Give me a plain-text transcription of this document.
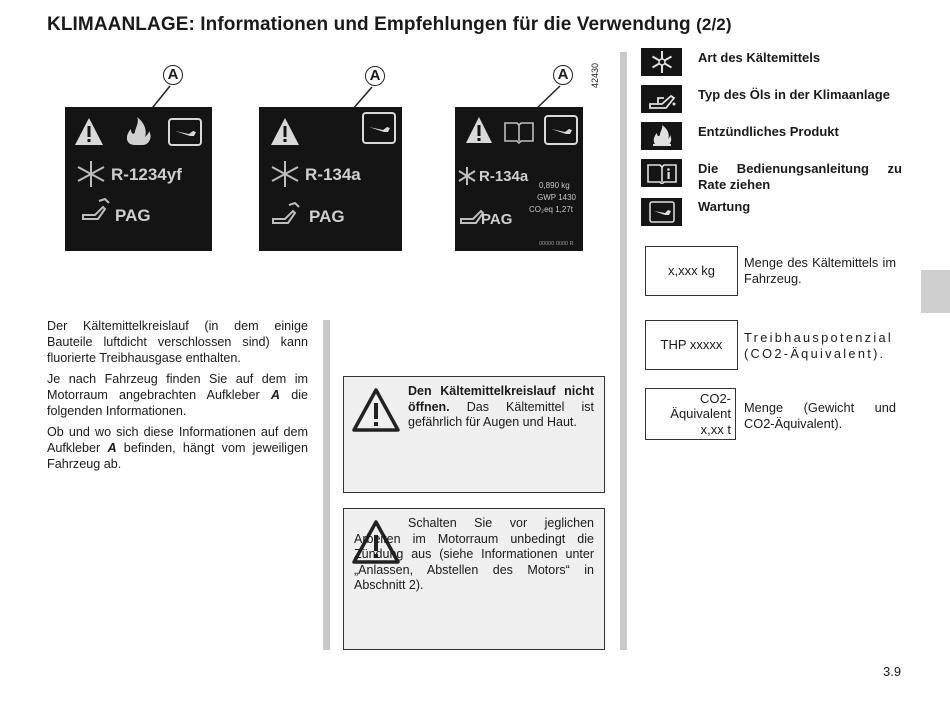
KLIMAANLAGE: Informationen und Empfehlungen für die Verwendung (2/2)
42430
A	A	A
R-1234yf
PAG
R-134a
PAG
R-134a
PAG
0,890 kg
GWP 1430
CO₂eq 1,27t
00000 0000 R

Der Kältemittelkreislauf (in dem einige Bauteile luftdicht verschlossen sind) kann fluorierte Treibhausgase enthalten.

Je nach Fahrzeug finden Sie auf dem im Motorraum angebrachten Aufkleber A die folgenden Informationen.

Ob und wo sich diese Informationen auf dem Aufkleber A befinden, hängt vom jeweiligen Fahrzeug ab.

Den Kältemittelkreislauf nicht öffnen. Das Kältemittel ist gefährlich für Augen und Haut.
Schalten Sie vor jeglichen Arbeiten im Motorraum unbedingt die Zündung aus (siehe Informationen unter „Anlassen, Abstellen des Motors“ in Abschnitt 2).
Art des Kältemittels
Typ des Öls in der Klimaanlage
Entzündliches Produkt
Die Bedienungsanleitung zu Rate ziehen
Wartung
x,xxx kg
Menge des Kältemittels im Fahrzeug.
THP xxxxx Treibhauspotenzial (CO2-Äquivalent).
CO2-
Äquivalent
x,xx t
Menge (Gewicht und CO2-Äquivalent).
3.9
